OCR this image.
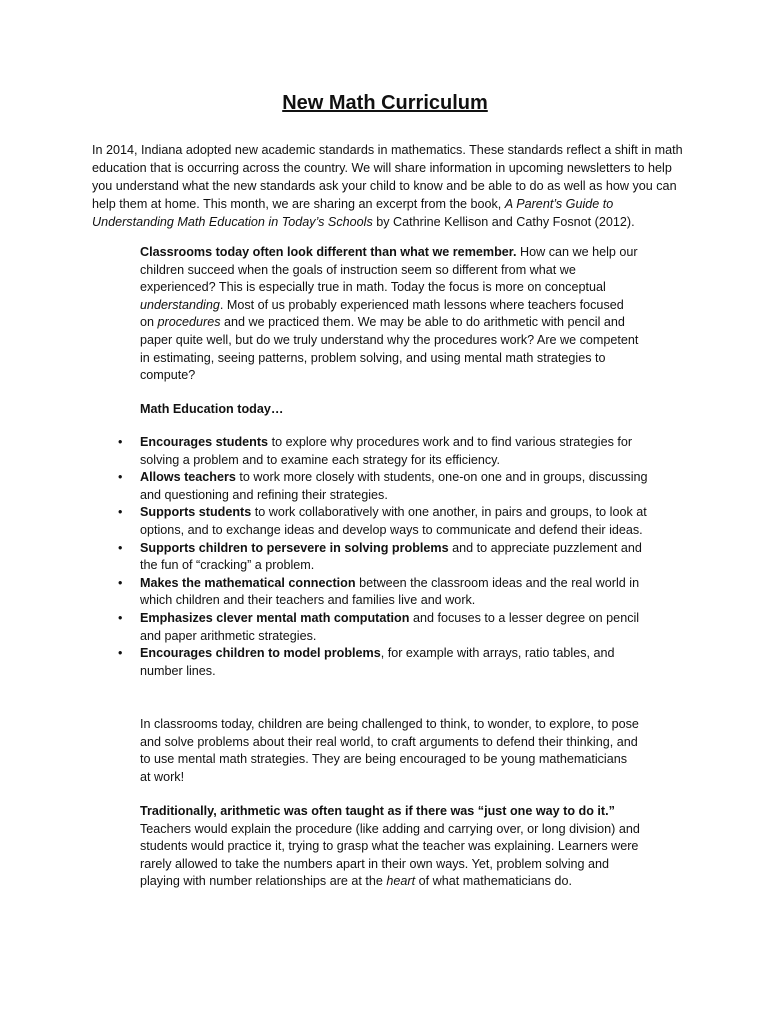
New Math Curriculum

In 2014, Indiana adopted new academic standards in mathematics. These standards reflect a shift in math education that is occurring across the country. We will share information in upcoming newsletters to help you understand what the new standards ask your child to know and be able to do as well as how you can help them at home. This month, we are sharing an excerpt from the book, A Parent’s Guide to Understanding Math Education in Today’s Schools by Cathrine Kellison and Cathy Fosnot (2012).

Classrooms today often look different than what we remember. How can we help our children succeed when the goals of instruction seem so different from what we experienced? This is especially true in math. Today the focus is more on conceptual understanding. Most of us probably experienced math lessons where teachers focused on procedures and we practiced them. We may be able to do arithmetic with pencil and paper quite well, but do we truly understand why the procedures work? Are we competent in estimating, seeing patterns, problem solving, and using mental math strategies to compute?

Math Education today…

• Encourages students to explore why procedures work and to find various strategies for solving a problem and to examine each strategy for its efficiency.
• Allows teachers to work more closely with students, one-on one and in groups, discussing and questioning and refining their strategies.
• Supports students to work collaboratively with one another, in pairs and groups, to look at options, and to exchange ideas and develop ways to communicate and defend their ideas.
• Supports children to persevere in solving problems and to appreciate puzzlement and the fun of “cracking” a problem.
• Makes the mathematical connection between the classroom ideas and the real world in which children and their teachers and families live and work.
• Emphasizes clever mental math computation and focuses to a lesser degree on pencil and paper arithmetic strategies.
• Encourages children to model problems, for example with arrays, ratio tables, and number lines.

In classrooms today, children are being challenged to think, to wonder, to explore, to pose and solve problems about their real world, to craft arguments to defend their thinking, and to use mental math strategies. They are being encouraged to be young mathematicians at work!

Traditionally, arithmetic was often taught as if there was “just one way to do it.” Teachers would explain the procedure (like adding and carrying over, or long division) and students would practice it, trying to grasp what the teacher was explaining. Learners were rarely allowed to take the numbers apart in their own ways. Yet, problem solving and playing with number relationships are at the heart of what mathematicians do.
